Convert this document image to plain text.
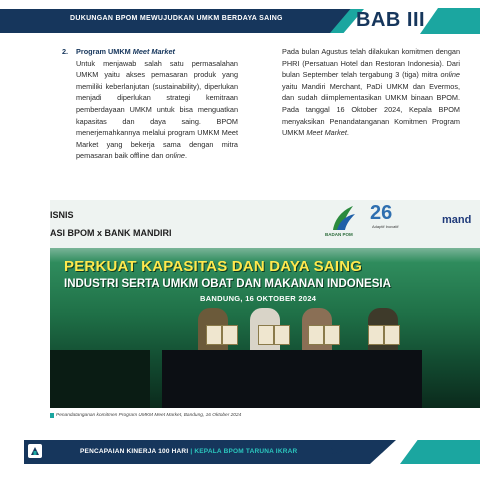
DUKUNGAN BPOM MEWUJUDKAN UMKM BERDAYA SAING	BAB III
2. Program UMKM Meet Market
Untuk menjawab salah satu permasalahan UMKM yaitu akses pemasaran produk yang memiliki keberlanjutan (sustainability), diperlukan menjadi diperlukan strategi kemitraan pemberdayaan UMKM untuk bisa menguatkan kapasitas dan daya saing. BPOM menerjemahkannya melalui program UMKM Meet Market yang bekerja sama dengan mitra pemasaran baik offline dan online.
Pada bulan Agustus telah dilakukan komitmen dengan PHRI (Persatuan Hotel dan Restoran Indonesia). Dari bulan September telah tergabung 3 (tiga) mitra online yaitu Mandiri Merchant, PaDi UMKM dan Evermos, dan sudah diimplementasikan UMKM binaan BPOM. Pada tanggal 16 Oktober 2024, Kepala BPOM menyaksikan Penandatanganan Komitmen Program UMKM Meet Market.
ISNIS
ASI BPOM x BANK MANDIRI	BADAN POM
26
Adaptif Inovatif
mand
PERKUAT KAPASITAS DAN DAYA SAING
INDUSTRI SERTA UMKM OBAT DAN MAKANAN INDONESIA
BANDUNG, 16 OKTOBER 2024
Penandatanganan komitmen Program UMKM Meet Market, Bandung, 16 Oktober 2024
PENCAPAIAN KINERJA 100 HARI | KEPALA BPOM TARUNA IKRAR	183
